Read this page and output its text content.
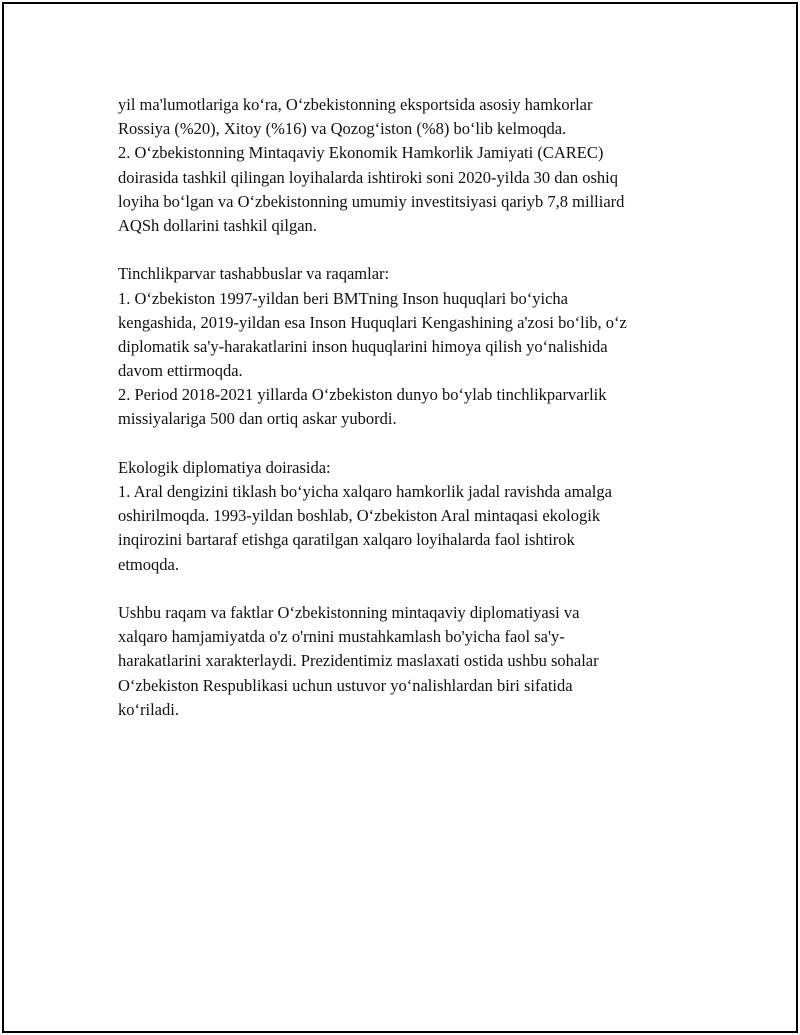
yil ma'lumotlariga ko‘ra, O‘zbekistonning eksportsida asosiy hamkorlar
Rossiya (%20), Xitoy (%16) va Qozog‘iston (%8) bo‘lib kelmoqda.
2. O‘zbekistonning Mintaqaviy Ekonomik Hamkorlik Jamiyati (CAREC)
doirasida tashkil qilingan loyihalarda ishtiroki soni 2020-yilda 30 dan oshiq
loyiha bo‘lgan va O‘zbekistonning umumiy investitsiyasi qariyb 7,8 milliard
AQSh dollarini tashkil qilgan.
Tinchlikparvar tashabbuslar va raqamlar:
1. O‘zbekiston 1997-yildan beri BMTning Inson huquqlari bo‘yicha
kengashida, 2019-yildan esa Inson Huquqlari Kengashining a'zosi bo‘lib, o‘z
diplomatik sa'y-harakatlarini inson huquqlarini himoya qilish yo‘nalishida
davom ettirmoqda.
2. Period 2018-2021 yillarda O‘zbekiston dunyo bo‘ylab tinchlikparvarlik
missiyalariga 500 dan ortiq askar yubordi.
Ekologik diplomatiya doirasida:
1. Aral dengizini tiklash bo‘yicha xalqaro hamkorlik jadal ravishda amalga
oshirilmoqda. 1993-yildan boshlab, O‘zbekiston Aral mintaqasi ekologik
inqirozini bartaraf etishga qaratilgan xalqaro loyihalarda faol ishtirok
etmoqda.
Ushbu raqam va faktlar O‘zbekistonning mintaqaviy diplomatiyasi va
xalqaro hamjamiyatda o'z o'rnini mustahkamlash bo'yicha faol sa'y-
harakatlarini xarakterlaydi. Prezidentimiz maslaxati ostida ushbu sohalar
O‘zbekiston Respublikasi uchun ustuvor yo‘nalishlardan biri sifatida
ko‘riladi.
